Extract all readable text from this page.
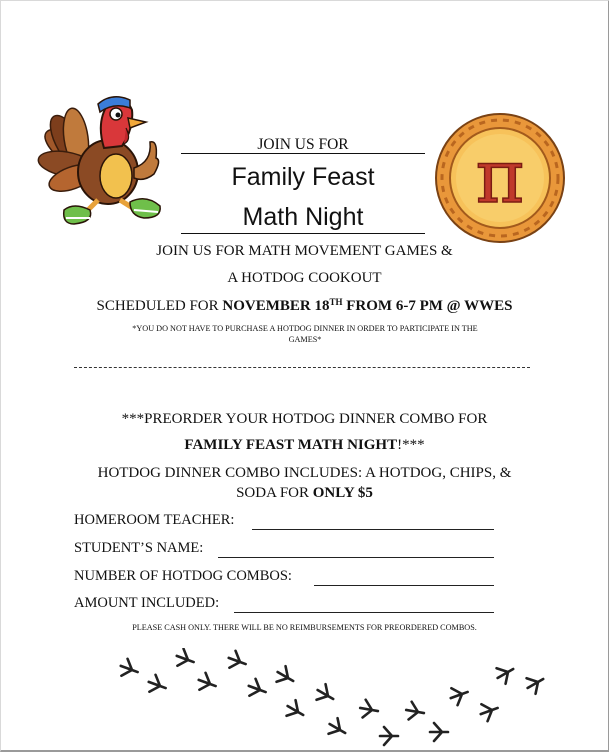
π
JOIN US FOR
Family Feast
Math Night
JOIN US FOR MATH MOVEMENT GAMES &
A HOTDOG COOKOUT
SCHEDULED FOR NOVEMBER 18TH FROM 6-7 PM @ WWES
*YOU DO NOT HAVE TO PURCHASE A HOTDOG DINNER IN ORDER TO PARTICIPATE IN THE
GAMES*
***PREORDER YOUR HOTDOG DINNER COMBO FOR
FAMILY FEAST MATH NIGHT!***
HOTDOG DINNER COMBO INCLUDES: A HOTDOG, CHIPS, &
SODA FOR ONLY $5
HOMEROOM TEACHER:
STUDENT’S NAME:
NUMBER OF HOTDOG COMBOS:
AMOUNT INCLUDED:
PLEASE CASH ONLY. THERE WILL BE NO REIMBURSEMENTS FOR PREORDERED COMBOS.
